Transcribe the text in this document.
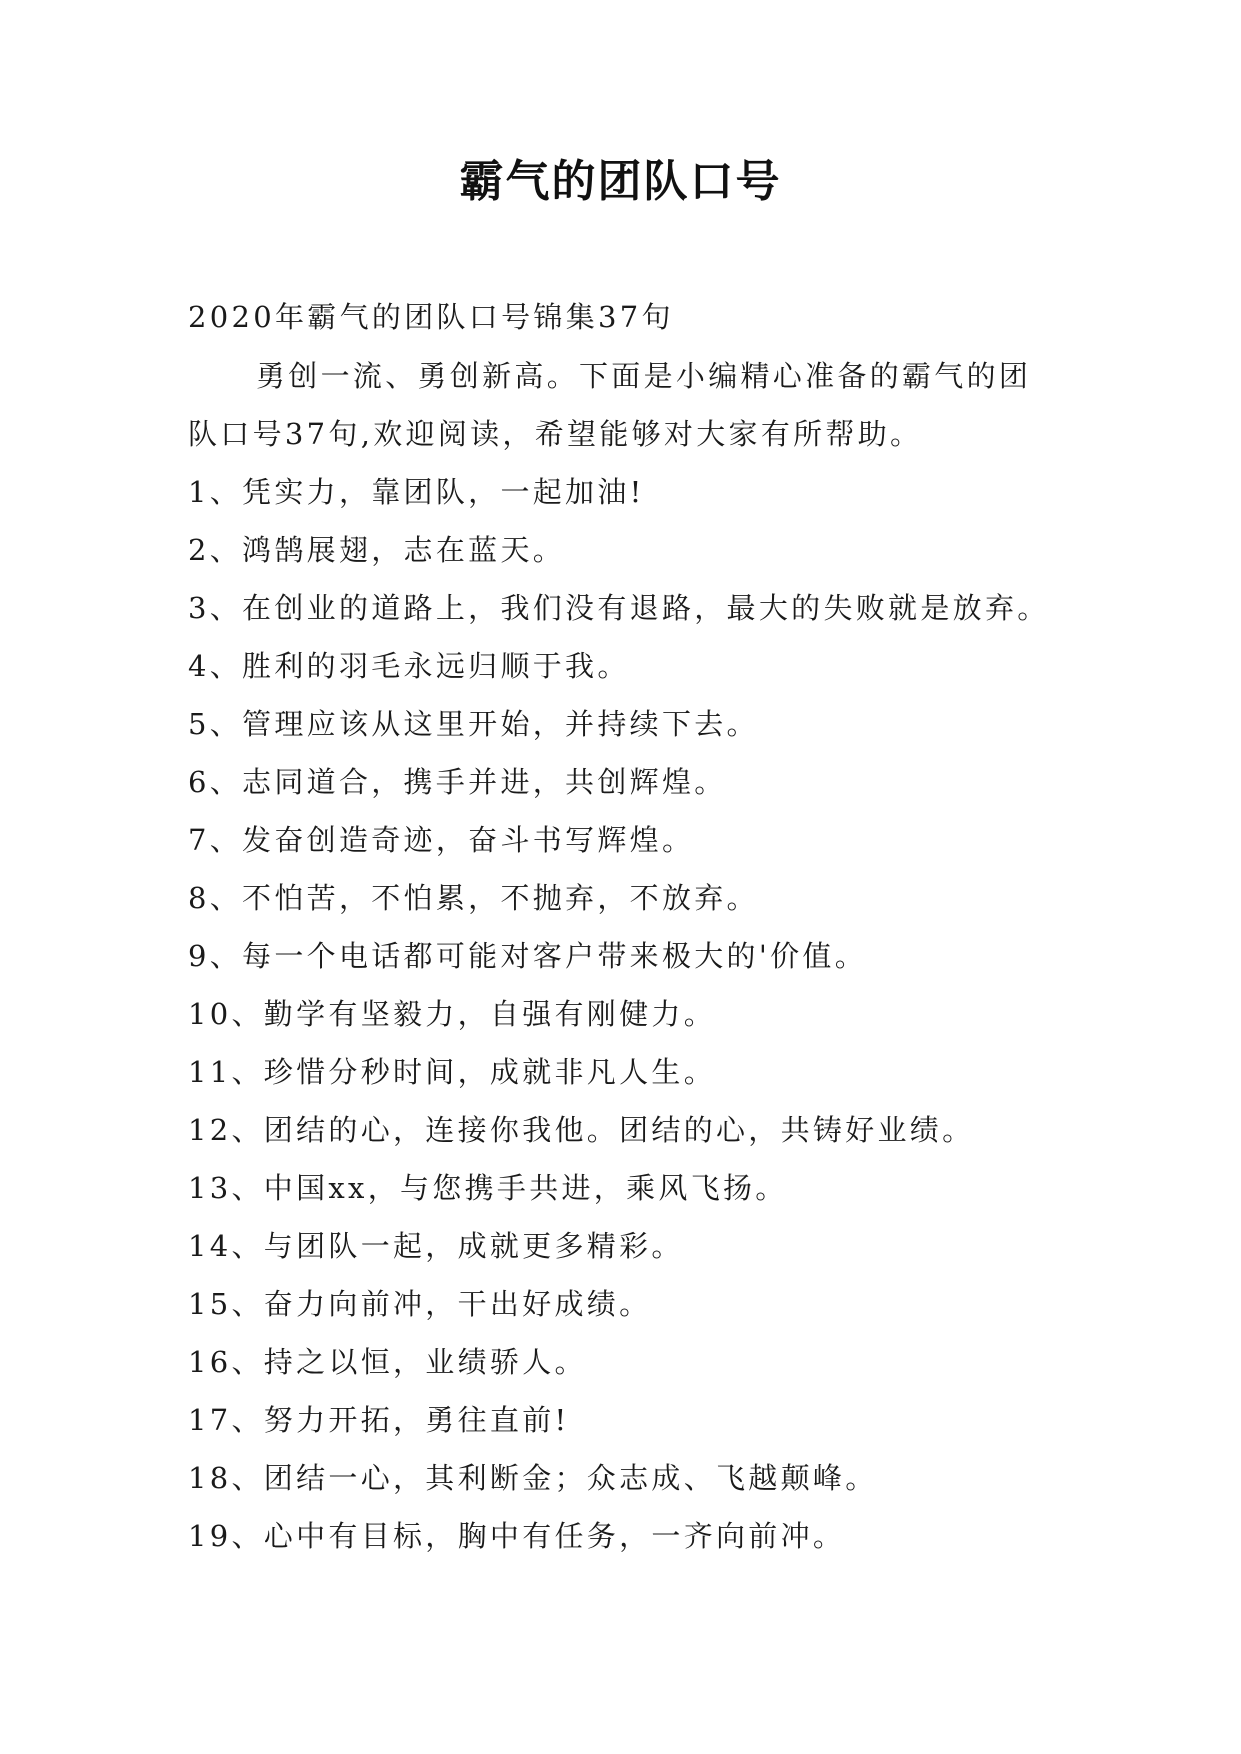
霸气的团队口号
2020年霸气的团队口号锦集37句
勇创一流、勇创新高。下面是小编精心准备的霸气的团
队口号37句,欢迎阅读，希望能够对大家有所帮助。
1、凭实力，靠团队，一起加油!
2、鸿鹄展翅，志在蓝天。
3、在创业的道路上，我们没有退路，最大的失败就是放弃。
4、胜利的羽毛永远归顺于我。
5、管理应该从这里开始，并持续下去。
6、志同道合，携手并进，共创辉煌。
7、发奋创造奇迹，奋斗书写辉煌。
8、不怕苦，不怕累，不抛弃，不放弃。
9、每一个电话都可能对客户带来极大的'价值。
10、勤学有坚毅力，自强有刚健力。
11、珍惜分秒时间，成就非凡人生。
12、团结的心，连接你我他。团结的心，共铸好业绩。
13、中国xx，与您携手共进，乘风飞扬。
14、与团队一起，成就更多精彩。
15、奋力向前冲，干出好成绩。
16、持之以恒，业绩骄人。
17、努力开拓，勇往直前!
18、团结一心，其利断金；众志成、飞越颠峰。
19、心中有目标，胸中有任务，一齐向前冲。
